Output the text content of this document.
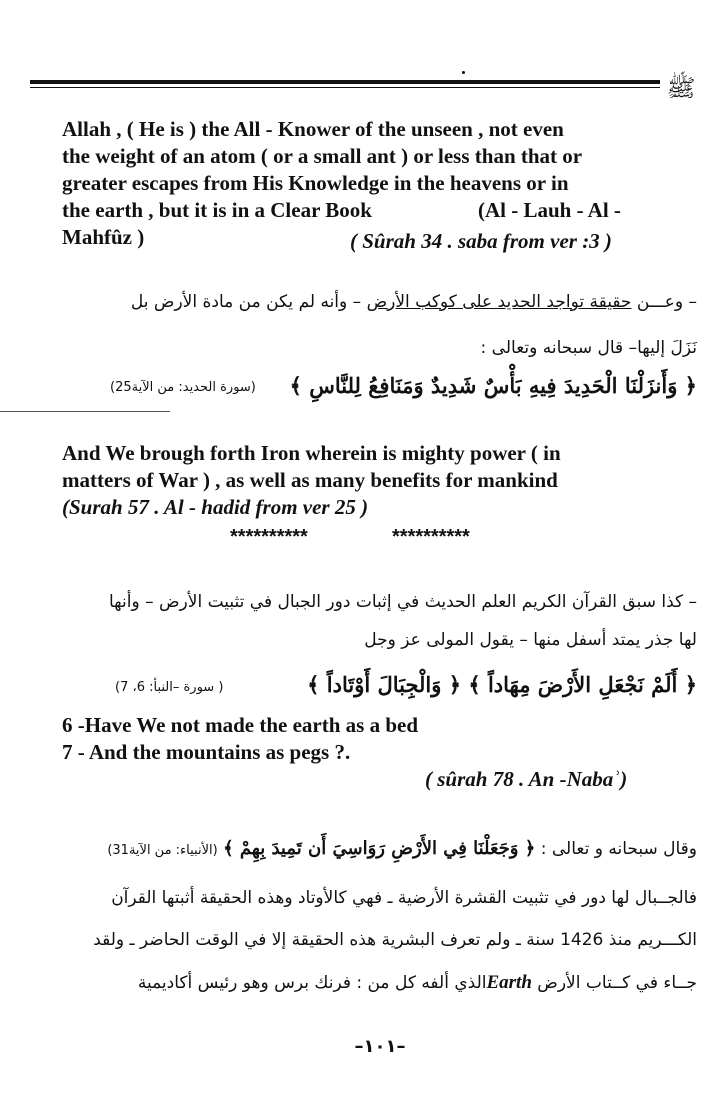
ﷺ

Allah , ( He is ) the All - Knower of the unseen , not even

the weight of an atom ( or a small ant ) or less than that or

greater escapes from His Knowledge in the heavens or in

the earth , but it is in a Clear Book	(Al - Lauh - Al -

Mahfûz )	( Sûrah 34 . saba from ver :3 )

– وعـــن حقيقة تواجد الحديد على كوكب الأرض – وأنه لم يكن من مادة الأرض بل

نَزَلَ إليها– قال سبحانه وتعالى :

﴿ وَأَنزَلْنَا الْحَدِيدَ فِيهِ بَأْسٌ شَدِيدٌ وَمَنَافِعُ لِلنَّاسِ ﴾

(سورة الحديد: من الآية25)

And We brough forth Iron wherein is mighty power ( in

matters of War ) , as well as many benefits for mankind

(Surah 57 . Al - hadid from ver 25 )

**********	**********

– كذا سبق القرآن الكريم العلم الحديث في إثبات دور الجبال في تثبيت الأرض – وأنها

لها جذر يمتد أسفل منها – يقول المولى عز وجل

﴿ أَلَمْ نَجْعَلِ الأَرْضَ مِهَاداً ﴾ ﴿ وَالْجِبَالَ أَوْتَاداً ﴾

( سورة –النبأ: 6، 7)

6 -Have We not made the earth as a bed

7 - And the mountains as pegs ?.

( sûrah 78 . An -Nabaʾ)

وقال سبحانه و تعالى : ﴿ وَجَعَلْنَا فِي الأَرْضِ رَوَاسِيَ أَن تَمِيدَ بِهِمْ ﴾ (الأنبياء: من الآية31)

فالجــبال لها دور في تثبيت القشرة الأرضية ـ فهي كالأوتاد وهذه الحقيقة أثبتها القرآن

الكـــريم منذ 1426 سنة ـ ولم تعرف البشرية هذه الحقيقة إلا في الوقت الحاضر ـ ولقد

جــاء في كــتاب الأرض Earthالذي ألفه كل من : فرنك برس وهو رئيس أكاديمية

–١٠١–
